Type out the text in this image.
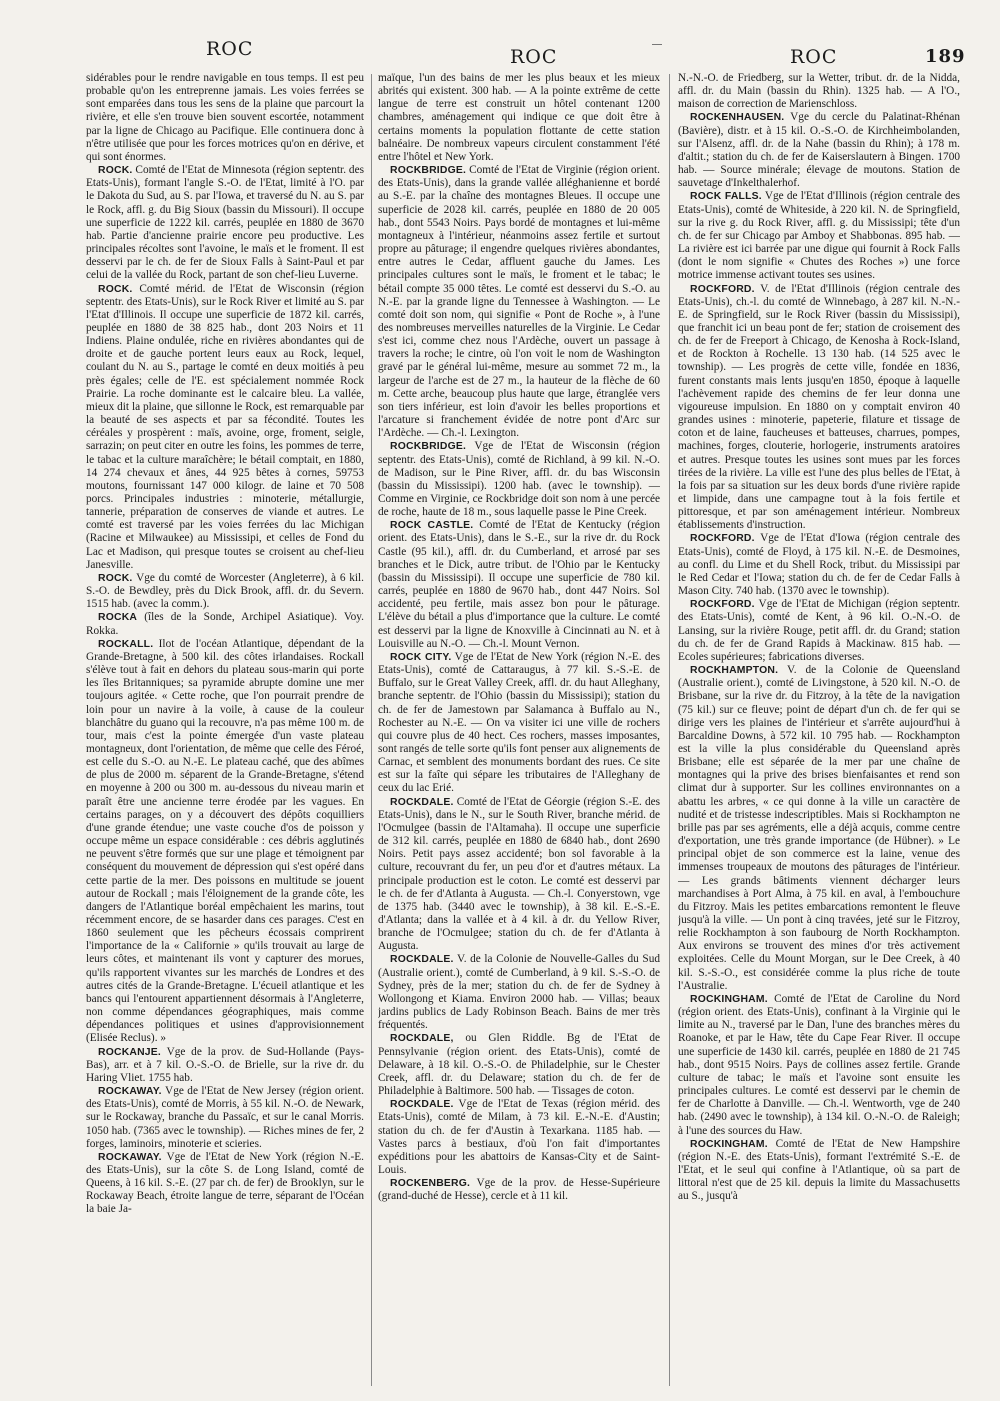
ROC	ROC	ROC	189

sidérables pour le rendre navigable en tous temps. Il est peu probable qu'on les entreprenne jamais. Les voies ferrées se sont emparées dans tous les sens de la plaine que parcourt la rivière, et elle s'en trouve bien souvent escortée, notamment par la ligne de Chicago au Pacifique. Elle continuera donc à n'être utilisée que pour les forces motrices qu'on en dérive, et qui sont énormes.

ROCK. Comté de l'Etat de Minnesota (région septentr. des Etats-Unis), formant l'angle S.-O. de l'Etat, limité à l'O. par le Dakota du Sud, au S. par l'Iowa, et traversé du N. au S. par le Rock, affl. g. du Big Sioux (bassin du Missouri). Il occupe une superficie de 1222 kil. carrés, peuplée en 1880 de 3670 hab. Partie d'ancienne prairie encore peu productive. Les principales récoltes sont l'avoine, le maïs et le froment. Il est desservi par le ch. de fer de Sioux Falls à Saint-Paul et par celui de la vallée du Rock, partant de son chef-lieu Luverne.

ROCK. Comté mérid. de l'Etat de Wisconsin (région septentr. des Etats-Unis), sur le Rock River et limité au S. par l'Etat d'Illinois. Il occupe une superficie de 1872 kil. carrés, peuplée en 1880 de 38 825 hab., dont 203 Noirs et 11 Indiens. Plaine ondulée, riche en rivières abondantes qui de droite et de gauche portent leurs eaux au Rock, lequel, coulant du N. au S., partage le comté en deux moitiés à peu près égales; celle de l'E. est spécialement nommée Rock Prairie. La roche dominante est le calcaire bleu. La vallée, mieux dit la plaine, que sillonne le Rock, est remarquable par la beauté de ses aspects et par sa fécondité. Toutes les céréales y prospèrent : maïs, avoine, orge, froment, seigle, sarrazin; on peut citer en outre les foins, les pommes de terre, le tabac et la culture maraîchère; le bétail comptait, en 1880, 14 274 chevaux et ânes, 44 925 bêtes à cornes, 59753 moutons, fournissant 147 000 kilogr. de laine et 70 508 porcs. Principales industries : minoterie, métallurgie, tannerie, préparation de conserves de viande et autres. Le comté est traversé par les voies ferrées du lac Michigan (Racine et Milwaukee) au Mississipi, et celles de Fond du Lac et Madison, qui presque toutes se croisent au chef-lieu Janesville.

ROCK. Vge du comté de Worcester (Angleterre), à 6 kil. S.-O. de Bewdley, près du Dick Brook, affl. dr. du Severn. 1515 hab. (avec la comm.).

ROCKA (îles de la Sonde, Archipel Asiatique). Voy. Rokka.

ROCKALL. Ilot de l'océan Atlantique, dépendant de la Grande-Bretagne, à 500 kil. des côtes irlandaises. Rockall s'élève tout à fait en dehors du plateau sous-marin qui porte les îles Britanniques; sa pyramide abrupte domine une mer toujours agitée. « Cette roche, que l'on pourrait prendre de loin pour un navire à la voile, à cause de la couleur blanchâtre du guano qui la recouvre, n'a pas même 100 m. de tour, mais c'est la pointe émergée d'un vaste plateau montagneux, dont l'orientation, de même que celle des Féroé, est celle du S.-O. au N.-E. Le plateau caché, que des abîmes de plus de 2000 m. séparent de la Grande-Bretagne, s'étend en moyenne à 200 ou 300 m. au-dessous du niveau marin et paraît être une ancienne terre érodée par les vagues. En certains parages, on y a découvert des dépôts coquilliers d'une grande étendue; une vaste couche d'os de poisson y occupe même un espace considérable : ces débris agglutinés ne peuvent s'être formés que sur une plage et témoignent par conséquent du mouvement de dépression qui s'est opéré dans cette partie de la mer. Des poissons en multitude se jouent autour de Rockall ; mais l'éloignement de la grande côte, les dangers de l'Atlantique boréal empêchaient les marins, tout récemment encore, de se hasarder dans ces parages. C'est en 1860 seulement que les pêcheurs écossais comprirent l'importance de la « Californie » qu'ils trouvait au large de leurs côtes, et maintenant ils vont y capturer des morues, qu'ils rapportent vivantes sur les marchés de Londres et des autres cités de la Grande-Bretagne. L'écueil atlantique et les bancs qui l'entourent appartiennent désormais à l'Angleterre, non comme dépendances géographiques, mais comme dépendances politiques et usines d'approvisionnement (Elisée Reclus). »

ROCKANJE. Vge de la prov. de Sud-Hollande (Pays-Bas), arr. et à 7 kil. O.-S.-O. de Brielle, sur la rive dr. du Haring Vliet. 1755 hab.

ROCKAWAY. Vge de l'Etat de New Jersey (région orient. des Etats-Unis), comté de Morris, à 55 kil. N.-O. de Newark, sur le Rockaway, branche du Passaïc, et sur le canal Morris. 1050 hab. (7365 avec le township). — Riches mines de fer, 2 forges, laminoirs, minoterie et scieries.

ROCKAWAY. Vge de l'Etat de New York (région N.-E. des Etats-Unis), sur la côte S. de Long Island, comté de Queens, à 16 kil. S.-E. (27 par ch. de fer) de Brooklyn, sur le Rockaway Beach, étroite langue de terre, séparant de l'Océan la baie Ja-

maïque, l'un des bains de mer les plus beaux et les mieux abrités qui existent. 300 hab. — A la pointe extrême de cette langue de terre est construit un hôtel contenant 1200 chambres, aménagement qui indique ce que doit être à certains moments la population flottante de cette station balnéaire. De nombreux vapeurs circulent constamment l'été entre l'hôtel et New York.

ROCKBRIDGE. Comté de l'Etat de Virginie (région orient. des Etats-Unis), dans la grande vallée alléghanienne et bordé au S.-E. par la chaîne des montagnes Bleues. Il occupe une superficie de 2028 kil. carrés, peuplée en 1880 de 20 005 hab., dont 5543 Noirs. Pays bordé de montagnes et lui-même montagneux à l'intérieur, néanmoins assez fertile et surtout propre au pâturage; il engendre quelques rivières abondantes, entre autres le Cedar, affluent gauche du James. Les principales cultures sont le maïs, le froment et le tabac; le bétail compte 35 000 têtes. Le comté est desservi du S.-O. au N.-E. par la grande ligne du Tennessee à Washington. — Le comté doit son nom, qui signifie « Pont de Roche », à l'une des nombreuses merveilles naturelles de la Virginie. Le Cedar s'est ici, comme chez nous l'Ardèche, ouvert un passage à travers la roche; le cintre, où l'on voit le nom de Washington gravé par le général lui-même, mesure au sommet 72 m., la largeur de l'arche est de 27 m., la hauteur de la flèche de 60 m. Cette arche, beaucoup plus haute que large, étranglée vers son tiers inférieur, est loin d'avoir les belles proportions et l'arcature si franchement évidée de notre pont d'Arc sur l'Ardèche. — Ch.-l. Lexington.

ROCKBRIDGE. Vge de l'Etat de Wisconsin (région septentr. des Etats-Unis), comté de Richland, à 99 kil. N.-O. de Madison, sur le Pine River, affl. dr. du bas Wisconsin (bassin du Mississipi). 1200 hab. (avec le township). — Comme en Virginie, ce Rockbridge doit son nom à une percée de roche, haute de 18 m., sous laquelle passe le Pine Creek.

ROCK CASTLE. Comté de l'Etat de Kentucky (région orient. des Etats-Unis), dans le S.-E., sur la rive dr. du Rock Castle (95 kil.), affl. dr. du Cumberland, et arrosé par ses branches et le Dick, autre tribut. de l'Ohio par le Kentucky (bassin du Mississipi). Il occupe une superficie de 780 kil. carrés, peuplée en 1880 de 9670 hab., dont 447 Noirs. Sol accidenté, peu fertile, mais assez bon pour le pâturage. L'élève du bétail a plus d'importance que la culture. Le comté est desservi par la ligne de Knoxville à Cincinnati au N. et à Louisville au N.-O. — Ch.-l. Mount Vernon.

ROCK CITY. Vge de l'Etat de New York (région N.-E. des Etats-Unis), comté de Cattaraugus, à 77 kil. S.-S.-E. de Buffalo, sur le Great Valley Creek, affl. dr. du haut Alleghany, branche septentr. de l'Ohio (bassin du Mississipi); station du ch. de fer de Jamestown par Salamanca à Buffalo au N., Rochester au N.-E. — On va visiter ici une ville de rochers qui couvre plus de 40 hect. Ces rochers, masses imposantes, sont rangés de telle sorte qu'ils font penser aux alignements de Carnac, et semblent des monuments bordant des rues. Ce site est sur la faîte qui sépare les tributaires de l'Alleghany de ceux du lac Erié.

ROCKDALE. Comté de l'Etat de Géorgie (région S.-E. des Etats-Unis), dans le N., sur le South River, branche mérid. de l'Ocmulgee (bassin de l'Altamaha). Il occupe une superficie de 312 kil. carrés, peuplée en 1880 de 6840 hab., dont 2690 Noirs. Petit pays assez accidenté; bon sol favorable à la culture, recouvrant du fer, un peu d'or et d'autres métaux. La principale production est le coton. Le comté est desservi par le ch. de fer d'Atlanta à Augusta. — Ch.-l. Conyerstown, vge de 1375 hab. (3440 avec le township), à 38 kil. E.-S.-E. d'Atlanta; dans la vallée et à 4 kil. à dr. du Yellow River, branche de l'Ocmulgee; station du ch. de fer d'Atlanta à Augusta.

ROCKDALE. V. de la Colonie de Nouvelle-Galles du Sud (Australie orient.), comté de Cumberland, à 9 kil. S.-S.-O. de Sydney, près de la mer; station du ch. de fer de Sydney à Wollongong et Kiama. Environ 2000 hab. — Villas; beaux jardins publics de Lady Robinson Beach. Bains de mer très fréquentés.

ROCKDALE, ou Glen Riddle. Bg de l'Etat de Pennsylvanie (région orient. des Etats-Unis), comté de Delaware, à 18 kil. O.-S.-O. de Philadelphie, sur le Chester Creek, affl. dr. du Delaware; station du ch. de fer de Philadelphie à Baltimore. 500 hab. — Tissages de coton.

ROCKDALE. Vge de l'Etat de Texas (région mérid. des Etats-Unis), comté de Milam, à 73 kil. E.-N.-E. d'Austin; station du ch. de fer d'Austin à Texarkana. 1185 hab. — Vastes parcs à bestiaux, d'où l'on fait d'importantes expéditions pour les abattoirs de Kansas-City et de Saint-Louis.

ROCKENBERG. Vge de la prov. de Hesse-Supérieure (grand-duché de Hesse), cercle et à 11 kil.

N.-N.-O. de Friedberg, sur la Wetter, tribut. dr. de la Nidda, affl. dr. du Main (bassin du Rhin). 1325 hab. — A l'O., maison de correction de Marienschloss.

ROCKENHAUSEN. Vge du cercle du Palatinat-Rhénan (Bavière), distr. et à 15 kil. O.-S.-O. de Kirchheimbolanden, sur l'Alsenz, affl. dr. de la Nahe (bassin du Rhin); à 178 m. d'altit.; station du ch. de fer de Kaiserslautern à Bingen. 1700 hab. — Source minérale; élevage de moutons. Station de sauvetage d'Inkelthalerhof.

ROCK FALLS. Vge de l'Etat d'Illinois (région centrale des Etats-Unis), comté de Whiteside, à 220 kil. N. de Springfield, sur la rive g. du Rock River, affl. g. du Mississipi; tête d'un ch. de fer sur Chicago par Amboy et Shabbonas. 895 hab. — La rivière est ici barrée par une digue qui fournit à Rock Falls (dont le nom signifie « Chutes des Roches ») une force motrice immense activant toutes ses usines.

ROCKFORD. V. de l'Etat d'Illinois (région centrale des Etats-Unis), ch.-l. du comté de Winnebago, à 287 kil. N.-N.-E. de Springfield, sur le Rock River (bassin du Mississipi), que franchit ici un beau pont de fer; station de croisement des ch. de fer de Freeport à Chicago, de Kenosha à Rock-Island, et de Rockton à Rochelle. 13 130 hab. (14 525 avec le township). — Les progrès de cette ville, fondée en 1836, furent constants mais lents jusqu'en 1850, époque à laquelle l'achèvement rapide des chemins de fer leur donna une vigoureuse impulsion. En 1880 on y comptait environ 40 grandes usines : minoterie, papeterie, filature et tissage de coton et de laine, faucheuses et batteuses, charrues, pompes, machines, forges, clouterie, horlogerie, instruments aratoires et autres. Presque toutes les usines sont mues par les forces tirées de la rivière. La ville est l'une des plus belles de l'Etat, à la fois par sa situation sur les deux bords d'une rivière rapide et limpide, dans une campagne tout à la fois fertile et pittoresque, et par son aménagement intérieur. Nombreux établissements d'instruction.

ROCKFORD. Vge de l'Etat d'Iowa (région centrale des Etats-Unis), comté de Floyd, à 175 kil. N.-E. de Desmoines, au confl. du Lime et du Shell Rock, tribut. du Mississipi par le Red Cedar et l'Iowa; station du ch. de fer de Cedar Falls à Mason City. 740 hab. (1370 avec le township).

ROCKFORD. Vge de l'Etat de Michigan (région septentr. des Etats-Unis), comté de Kent, à 96 kil. O.-N.-O. de Lansing, sur la rivière Rouge, petit affl. dr. du Grand; station du ch. de fer de Grand Rapids à Mackinaw. 815 hab. — Ecoles supérieures; fabrications diverses.

ROCKHAMPTON. V. de la Colonie de Queensland (Australie orient.), comté de Livingstone, à 520 kil. N.-O. de Brisbane, sur la rive dr. du Fitzroy, à la tête de la navigation (75 kil.) sur ce fleuve; point de départ d'un ch. de fer qui se dirige vers les plaines de l'intérieur et s'arrête aujourd'hui à Barcaldine Downs, à 572 kil. 10 795 hab. — Rockhampton est la ville la plus considérable du Queensland après Brisbane; elle est séparée de la mer par une chaîne de montagnes qui la prive des brises bienfaisantes et rend son climat dur à supporter. Sur les collines environnantes on a abattu les arbres, « ce qui donne à la ville un caractère de nudité et de tristesse indescriptibles. Mais si Rockhampton ne brille pas par ses agréments, elle a déjà acquis, comme centre d'exportation, une très grande importance (de Hübner). » Le principal objet de son commerce est la laine, venue des immenses troupeaux de moutons des pâturages de l'intérieur. — Les grands bâtiments viennent décharger leurs marchandises à Port Alma, à 75 kil. en aval, à l'embouchure du Fitzroy. Mais les petites embarcations remontent le fleuve jusqu'à la ville. — Un pont à cinq travées, jeté sur le Fitzroy, relie Rockhampton à son faubourg de North Rockhampton. Aux environs se trouvent des mines d'or très activement exploitées. Celle du Mount Morgan, sur le Dee Creek, à 40 kil. S.-S.-O., est considérée comme la plus riche de toute l'Australie.

ROCKINGHAM. Comté de l'Etat de Caroline du Nord (région orient. des Etats-Unis), confinant à la Virginie qui le limite au N., traversé par le Dan, l'une des branches mères du Roanoke, et par le Haw, tête du Cape Fear River. Il occupe une superficie de 1430 kil. carrés, peuplée en 1880 de 21 745 hab., dont 9515 Noirs. Pays de collines assez fertile. Grande culture de tabac; le maïs et l'avoine sont ensuite les principales cultures. Le comté est desservi par le chemin de fer de Charlotte à Danville. — Ch.-l. Wentworth, vge de 240 hab. (2490 avec le township), à 134 kil. O.-N.-O. de Raleigh; à l'une des sources du Haw.

ROCKINGHAM. Comté de l'Etat de New Hampshire (région N.-E. des Etats-Unis), formant l'extrémité S.-E. de l'Etat, et le seul qui confine à l'Atlantique, où sa part de littoral n'est que de 25 kil. depuis la limite du Massachusetts au S., jusqu'à
